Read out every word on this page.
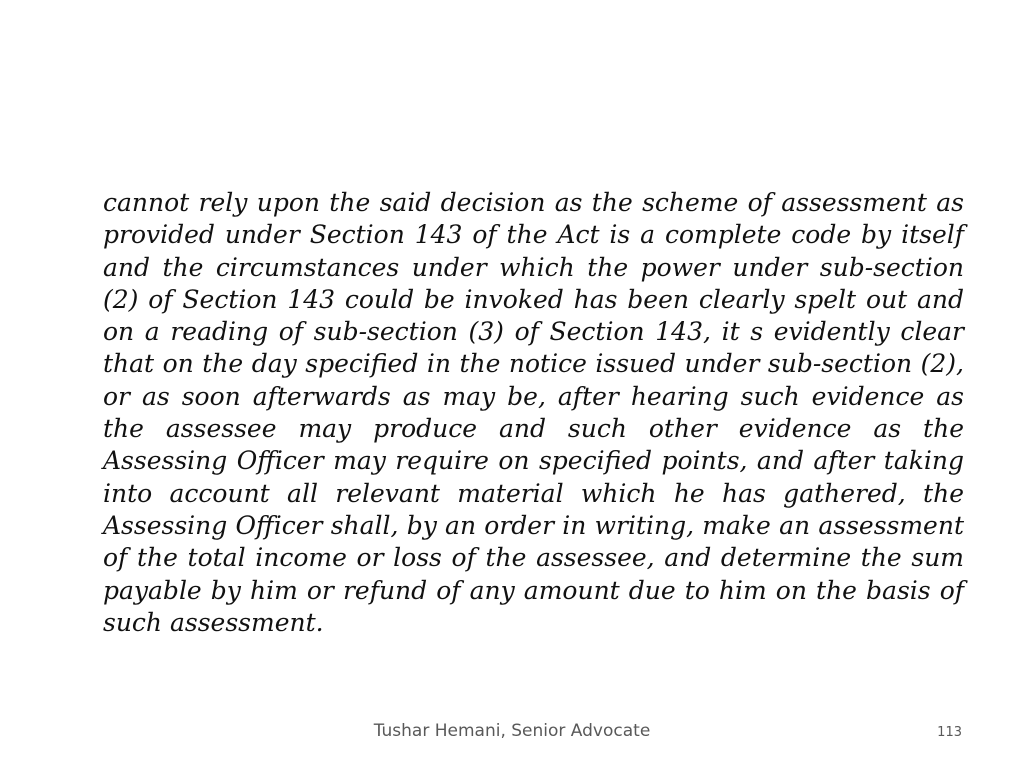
cannot rely upon the said decision as the scheme of assessment as provided under Section 143 of the Act is a complete code by itself and the circumstances under which the power under sub-section (2) of Section 143 could be invoked has been clearly spelt out and on a reading of sub-section (3) of Section 143, it s evidently clear that on the day specified in the notice issued under sub-section (2), or as soon afterwards as may be, after hearing such evidence as the assessee may produce and such other evidence as the Assessing Officer may require on specified points, and after taking into account all relevant material which he has gathered, the Assessing Officer shall, by an order in writing, make an assessment of the total income or loss of the assessee, and determine the sum payable by him or refund of any amount due to him on the basis of such assessment.

Tushar Hemani, Senior Advocate	113
